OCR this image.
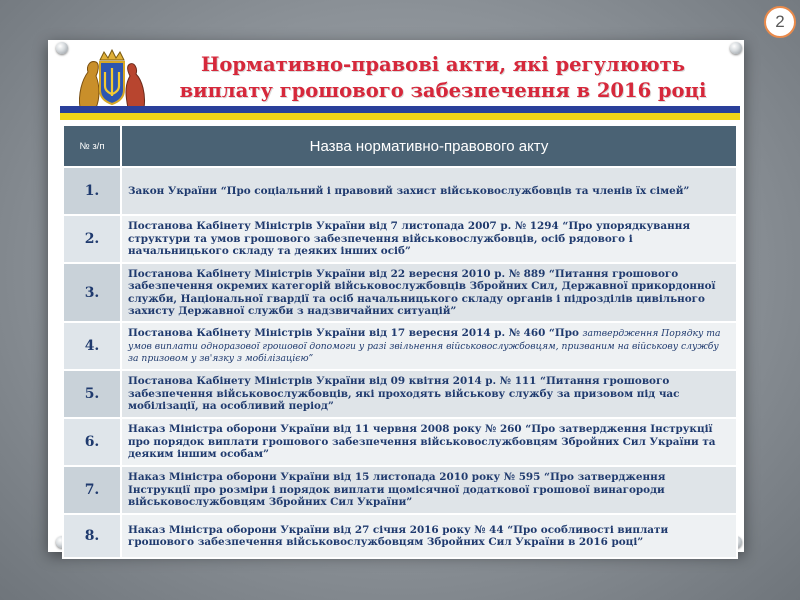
2
Нормативно-правові акти, які регулюють
виплату грошового забезпечення в 2016 році
№ з/п	Назва нормативно-правового акту
1.	Закон України “Про соціальний і правовий захист військовослужбовців та членів їх сімей”
2.	Постанова Кабінету Міністрів України від 7 листопада 2007 р. № 1294 “Про упорядкування структури та умов грошового забезпечення військовослужбовців, осіб рядового і начальницького складу та деяких інших осіб”
3.	Постанова Кабінету Міністрів України від 22 вересня 2010 р. № 889 “Питання грошового забезпечення окремих категорій військовослужбовців Збройних Сил, Державної прикордонної служби, Національної гвардії та осіб начальницького складу органів і підрозділів цивільного захисту Державної служби з надзвичайних ситуацій”
4.	Постанова Кабінету Міністрів України від 17 вересня 2014 р. № 460 “Про затвердження Порядку та умов виплати одноразової грошової допомоги у разі звільнення військовослужбовцям, призваним на військову службу за призовом у зв'язку з мобілізацією”
5.	Постанова Кабінету Міністрів України від 09 квітня 2014 р. № 111 “Питання грошового забезпечення військовослужбовців, які проходять військову службу за призовом під час мобілізації, на особливий період”
6.	Наказ Міністра оборони України від 11 червня 2008 року № 260 “Про затвердження Інструкції про порядок виплати грошового забезпечення військовослужбовцям Збройних Сил України та деяким іншим особам”
7.	Наказ Міністра оборони України від 15 листопада 2010 року № 595 “Про затвердження Інструкції про розміри і порядок виплати щомісячної додаткової грошової винагороди військовослужбовцям Збройних Сил України”
8.	Наказ Міністра оборони України від 27 січня 2016 року № 44 “Про особливості виплати грошового забезпечення військовослужбовцям Збройних Сил України в 2016 році”
